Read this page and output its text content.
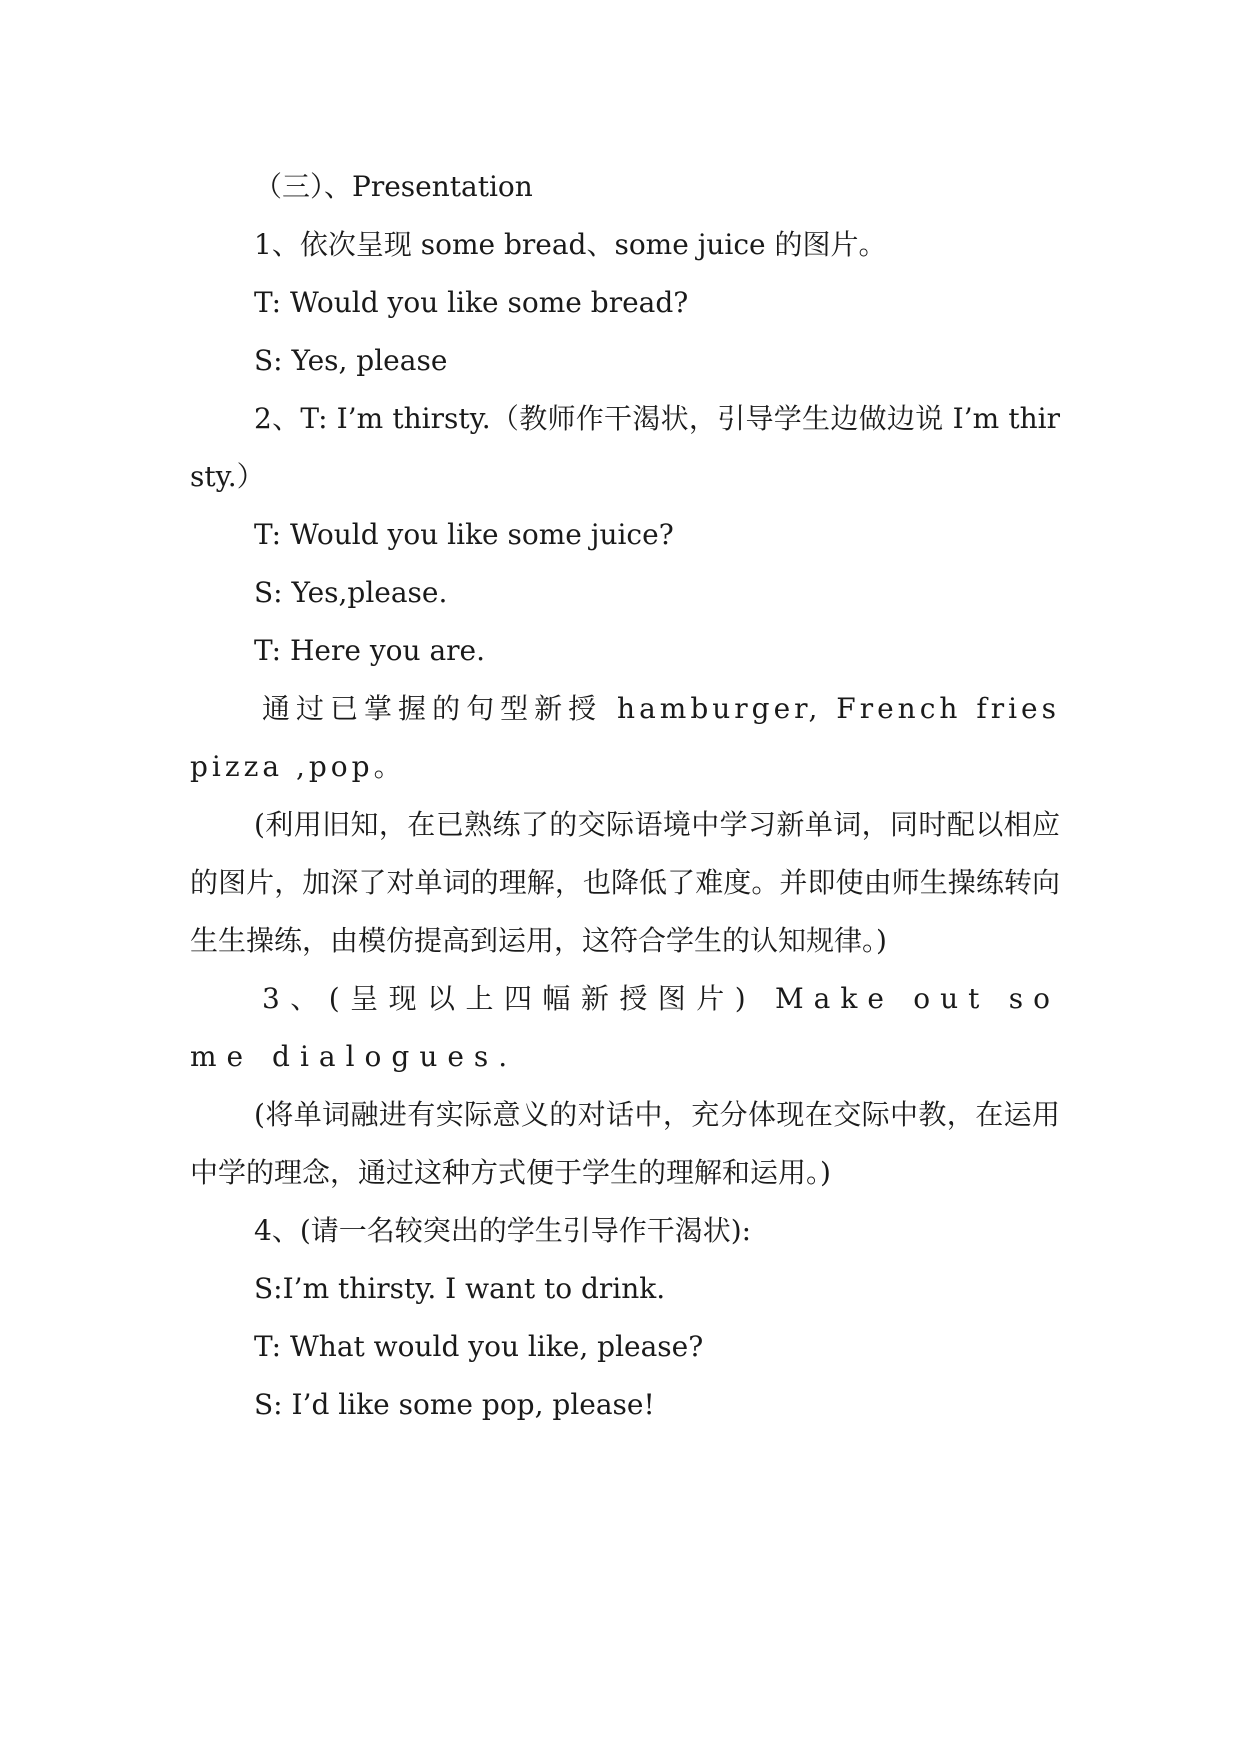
（三）、Presentation

1、依次呈现 some bread、some juice 的图片。

T: Would you like some bread?

S: Yes, please

2、T: I’m thirsty.（教师作干渴状，引导学生边做边说 I’m thirsty.）

T: Would you like some juice?

S: Yes,please.

T: Here you are.

通过已掌握的句型新授 hamburger, French fries pizza ,pop。

(利用旧知，在已熟练了的交际语境中学习新单词，同时配以相应的图片，加深了对单词的理解，也降低了难度。并即使由师生操练转向生生操练，由模仿提高到运用，这符合学生的认知规律。)

3、(呈现以上四幅新授图片) Make out some dialogues.

(将单词融进有实际意义的对话中，充分体现在交际中教，在运用中学的理念，通过这种方式便于学生的理解和运用。)

4、(请一名较突出的学生引导作干渴状):

S:I’m thirsty. I want to drink.

T: What would you like, please?

S: I’d like some pop, please!
